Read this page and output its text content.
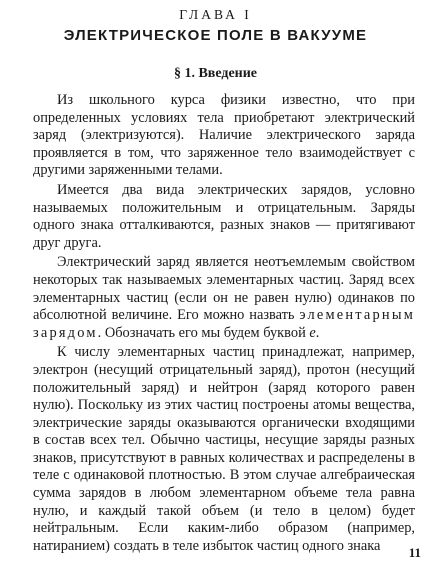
ГЛАВА I
ЭЛЕКТРИЧЕСКОЕ ПОЛЕ В ВАКУУМЕ
§ 1. Введение

Из школьного курса физики известно, что при определенных условиях тела приобретают электрический заряд (электризуются). Наличие электрического заряда проявляется в том, что заряженное тело взаимодействует с другими заряженными телами.

Имеется два вида электрических зарядов, условно называемых положительным и отрицательным. Заряды одного знака отталкиваются, разных знаков — притягивают друг друга.

Электрический заряд является неотъемлемым свойством некоторых так называемых элементарных частиц. Заряд всех элементарных частиц (если он не равен нулю) одинаков по абсолютной величине. Его можно назвать элементарным зарядом. Обозначать его мы будем буквой e.

К числу элементарных частиц принадлежат, например, электрон (несущий отрицательный заряд), протон (несущий положительный заряд) и нейтрон (заряд которого равен нулю). Поскольку из этих частиц построены атомы вещества, электрические заряды оказываются органически входящими в состав всех тел. Обычно частицы, несущие заряды разных знаков, присутствуют в равных количествах и распределены в теле с одинаковой плотностью. В этом случае алгебраическая сумма зарядов в любом элементарном объеме тела равна нулю, и каждый такой объем (и тело в целом) будет нейтральным. Если каким-либо образом (например, натиранием) создать в теле избыток частиц одного знака	11
